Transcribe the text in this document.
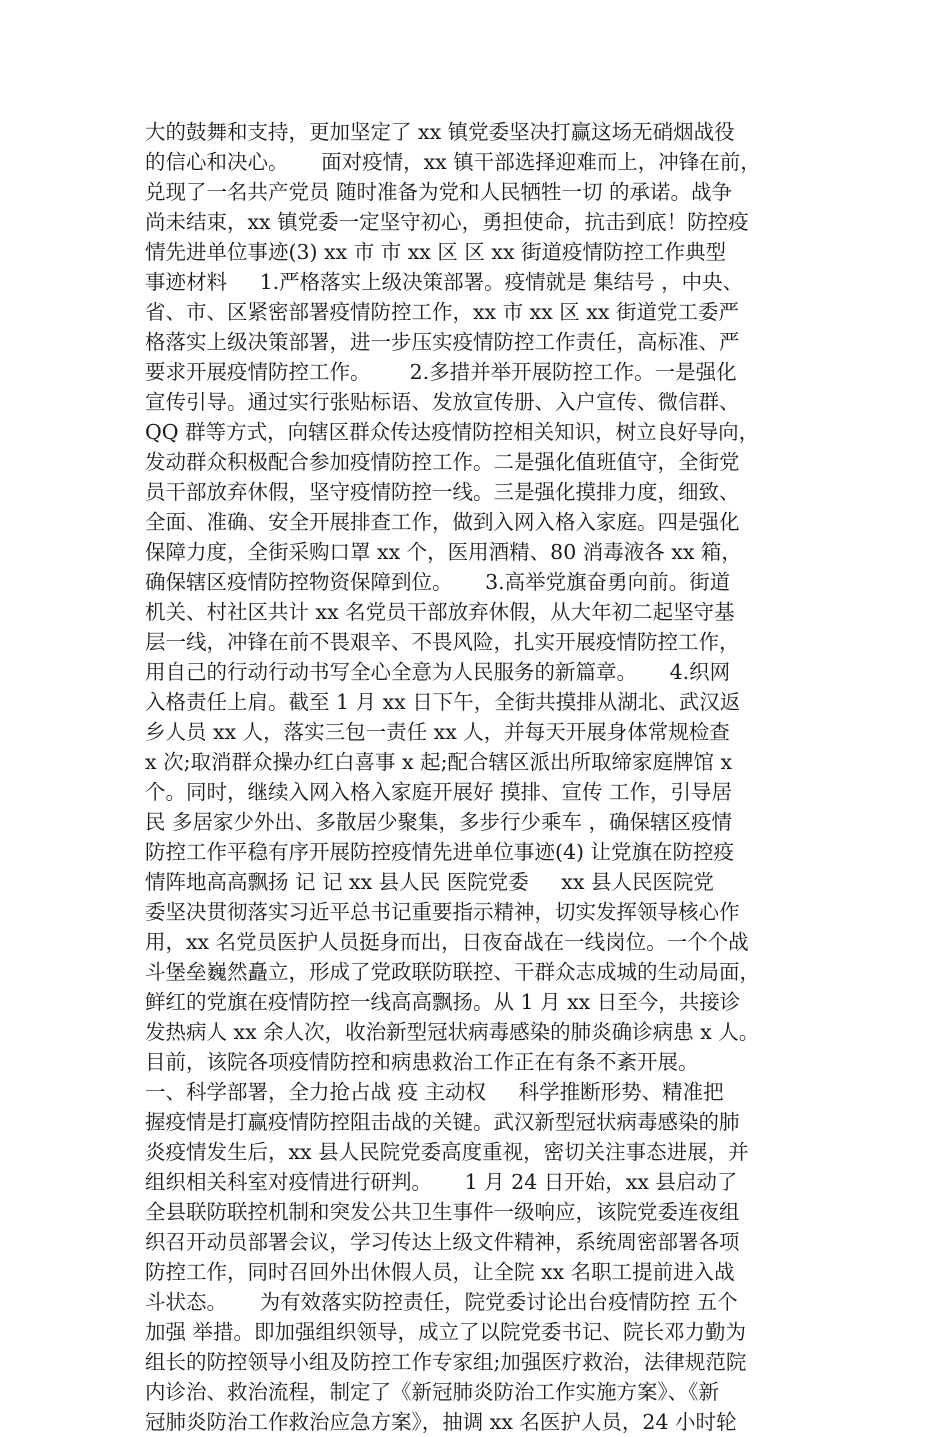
大的鼓舞和支持，更加坚定了 xx 镇党委坚决打赢这场无硝烟战役
的信心和决心。     面对疫情，xx 镇干部选择迎难而上，冲锋在前，
兑现了一名共产党员 随时准备为党和人民牺牲一切 的承诺。战争
尚未结束，xx 镇党委一定坚守初心，勇担使命，抗击到底！防控疫
情先进单位事迹(3) xx 市 市 xx 区 区 xx 街道疫情防控工作典型
事迹材料     1.严格落实上级决策部署。疫情就是 集结号 ，中央、
省、市、区紧密部署疫情防控工作，xx 市 xx 区 xx 街道党工委严
格落实上级决策部署，进一步压实疫情防控工作责任，高标准、严
要求开展疫情防控工作。      2.多措并举开展防控工作。一是强化
宣传引导。通过实行张贴标语、发放宣传册、入户宣传、微信群、
QQ 群等方式，向辖区群众传达疫情防控相关知识，树立良好导向，
发动群众积极配合参加疫情防控工作。二是强化值班值守，全街党
员干部放弃休假，坚守疫情防控一线。三是强化摸排力度，细致、
全面、准确、安全开展排查工作，做到入网入格入家庭。四是强化
保障力度，全街采购口罩 xx 个，医用酒精、80 消毒液各 xx 箱，
确保辖区疫情防控物资保障到位。     3.高举党旗奋勇向前。街道
机关、村社区共计 xx 名党员干部放弃休假，从大年初二起坚守基
层一线，冲锋在前不畏艰辛、不畏风险，扎实开展疫情防控工作，
用自己的行动行动书写全心全意为人民服务的新篇章。     4.织网
入格责任上肩。截至 1 月 xx 日下午，全街共摸排从湖北、武汉返
乡人员 xx 人，落实三包一责任 xx 人，并每天开展身体常规检查
x 次;取消群众操办红白喜事 x 起;配合辖区派出所取缔家庭牌馆 x
个。同时，继续入网入格入家庭开展好 摸排、宣传 工作，引导居
民 多居家少外出、多散居少聚集，多步行少乘车 ，确保辖区疫情
防控工作平稳有序开展防控疫情先进单位事迹(4) 让党旗在防控疫
情阵地高高飘扬 记 记 xx 县人民 医院党委     xx 县人民医院党
委坚决贯彻落实习近平总书记重要指示精神，切实发挥领导核心作
用，xx 名党员医护人员挺身而出，日夜奋战在一线岗位。一个个战
斗堡垒巍然矗立，形成了党政联防联控、干群众志成城的生动局面，
鲜红的党旗在疫情防控一线高高飘扬。从 1 月 xx 日至今，共接诊
发热病人 xx 余人次，收治新型冠状病毒感染的肺炎确诊病患 x 人。
目前，该院各项疫情防控和病患救治工作正在有条不紊开展。
一、科学部署，全力抢占战 疫 主动权     科学推断形势、精准把
握疫情是打赢疫情防控阻击战的关键。武汉新型冠状病毒感染的肺
炎疫情发生后，xx 县人民院党委高度重视，密切关注事态进展，并
组织相关科室对疫情进行研判。     1 月 24 日开始，xx 县启动了
全县联防联控机制和突发公共卫生事件一级响应，该院党委连夜组
织召开动员部署会议，学习传达上级文件精神，系统周密部署各项
防控工作，同时召回外出休假人员，让全院 xx 名职工提前进入战
斗状态。     为有效落实防控责任，院党委讨论出台疫情防控 五个
加强 举措。即加强组织领导，成立了以院党委书记、院长邓力勤为
组长的防控领导小组及防控工作专家组;加强医疗救治，法律规范院
内诊治、救治流程，制定了《新冠肺炎防治工作实施方案》、《新
冠肺炎防治工作救治应急方案》，抽调 xx 名医护人员，24 小时轮
